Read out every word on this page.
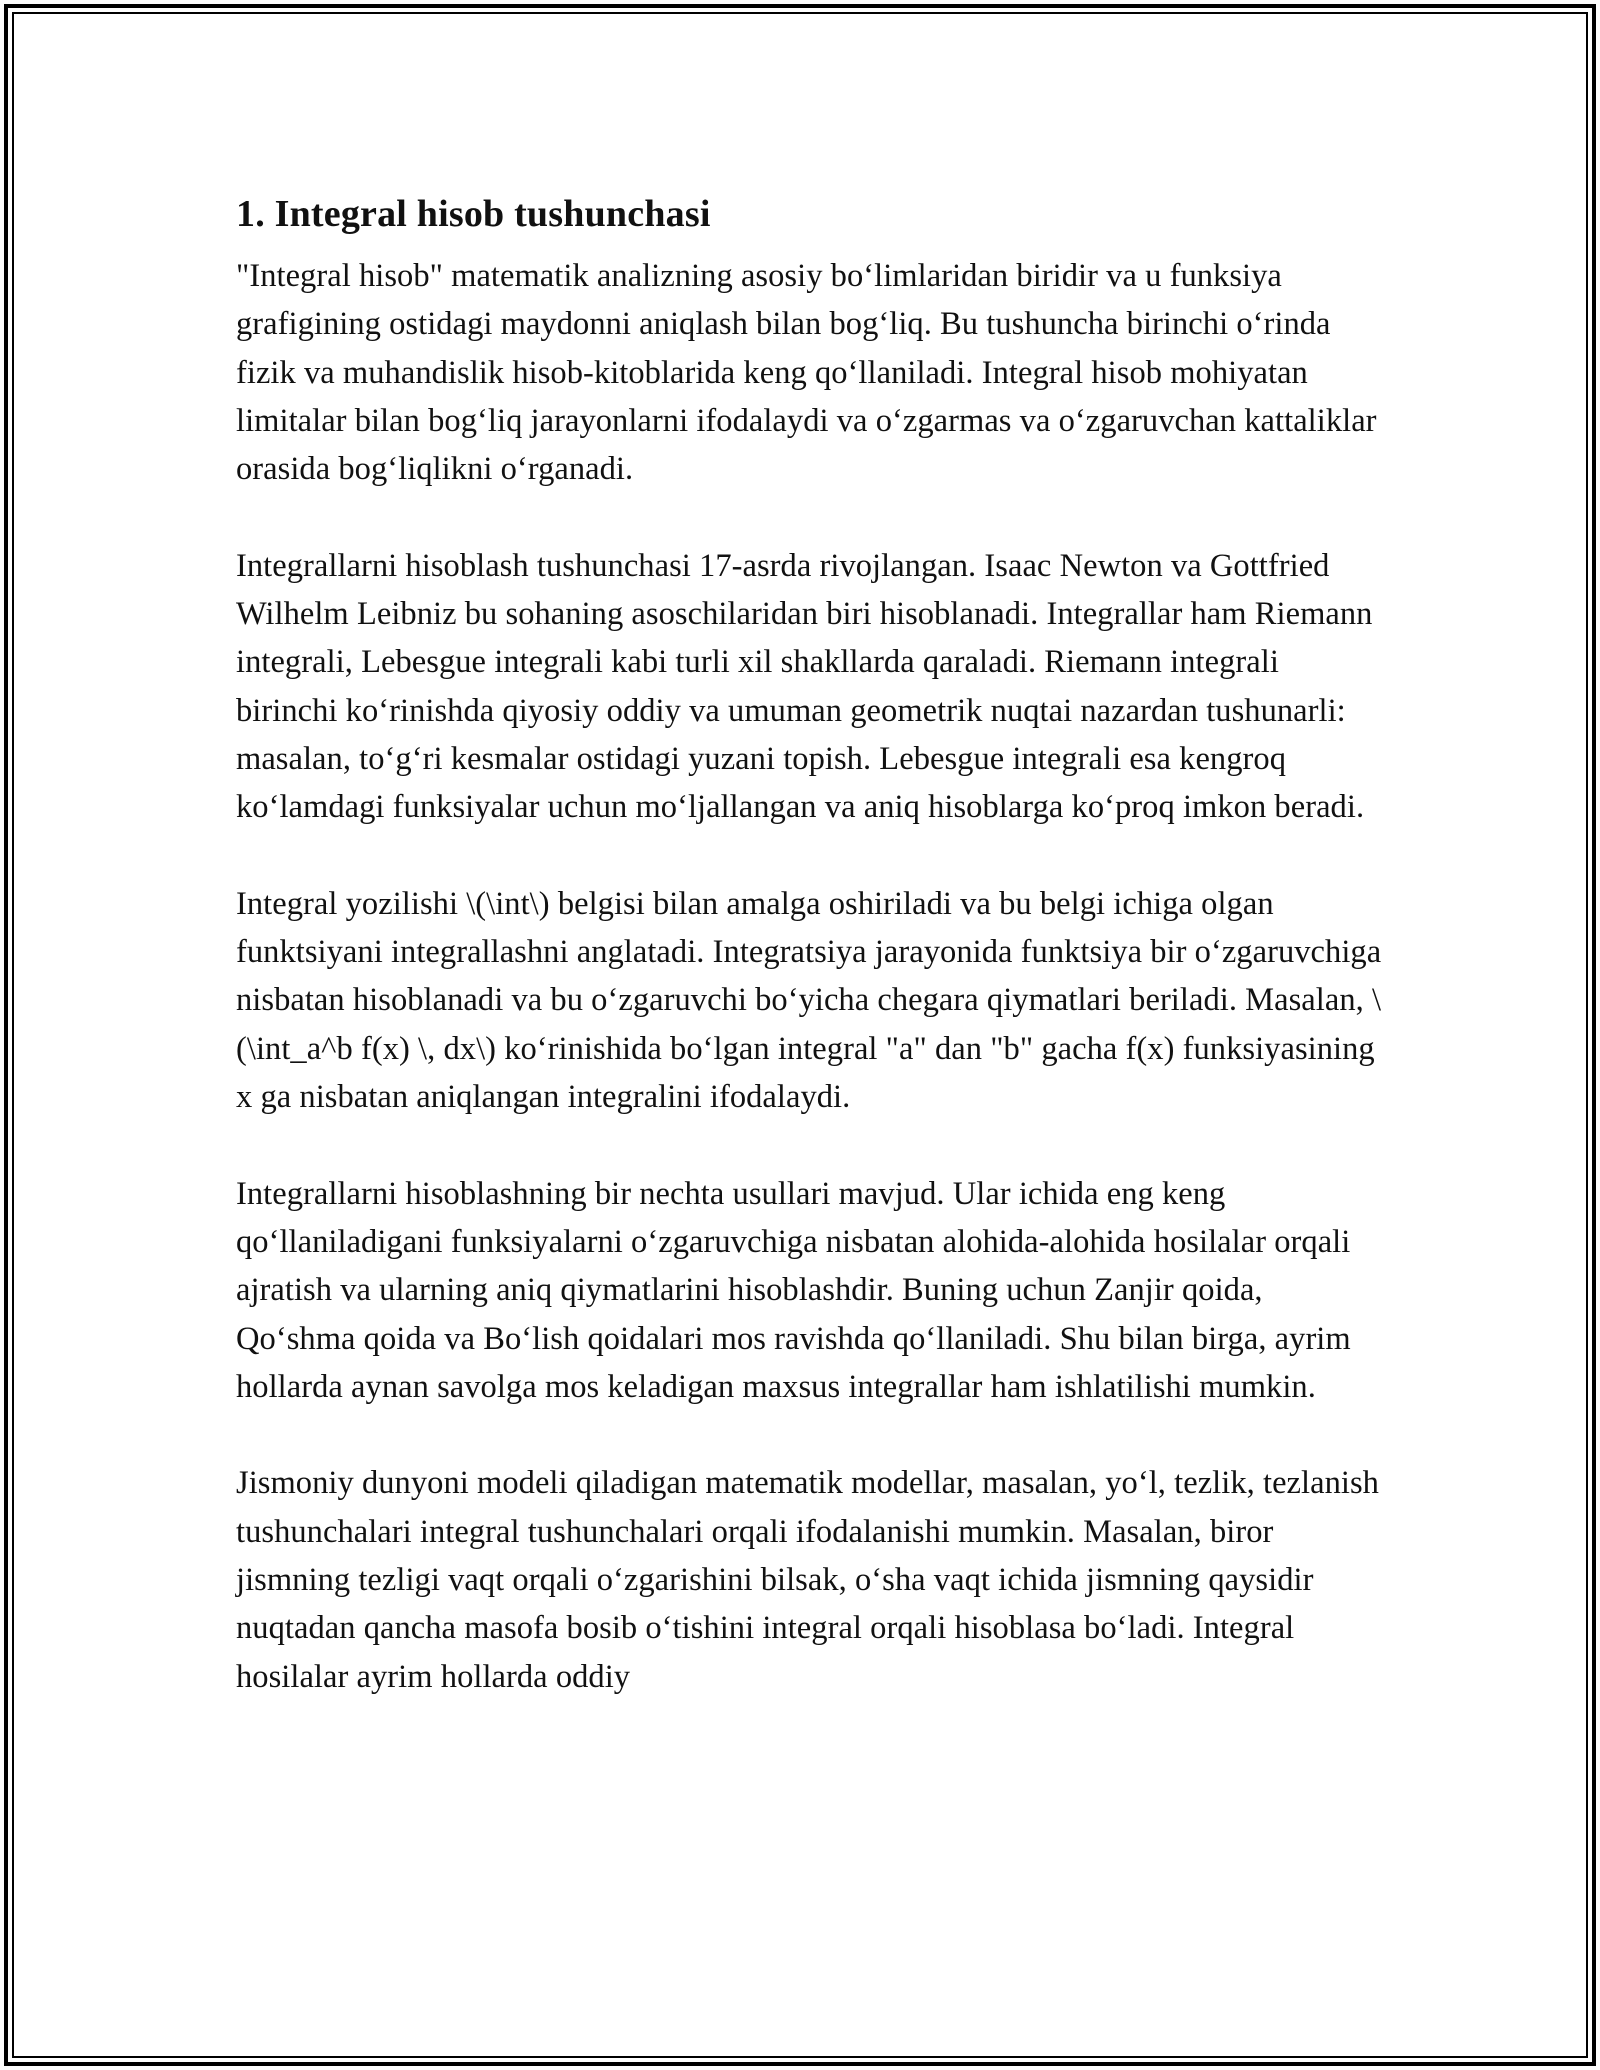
1. Integral hisob tushunchasi

"Integral hisob" matematik analizning asosiy bo‘limlaridan biridir va u funksiya grafigining ostidagi maydonni aniqlash bilan bog‘liq. Bu tushuncha birinchi o‘rinda fizik va muhandislik hisob-kitoblarida keng qo‘llaniladi. Integral hisob mohiyatan limitalar bilan bog‘liq jarayonlarni ifodalaydi va o‘zgarmas va o‘zgaruvchan kattaliklar orasida bog‘liqlikni o‘rganadi.

Integrallarni hisoblash tushunchasi 17-asrda rivojlangan. Isaac Newton va Gottfried Wilhelm Leibniz bu sohaning asoschilaridan biri hisoblanadi. Integrallar ham Riemann integrali, Lebesgue integrali kabi turli xil shakllarda qaraladi. Riemann integrali birinchi ko‘rinishda qiyosiy oddiy va umuman geometrik nuqtai nazardan tushunarli: masalan, to‘g‘ri kesmalar ostidagi yuzani topish. Lebesgue integrali esa kengroq ko‘lamdagi funksiyalar uchun mo‘ljallangan va aniq hisoblarga ko‘proq imkon beradi.

Integral yozilishi \(\int\) belgisi bilan amalga oshiriladi va bu belgi ichiga olgan funktsiyani integrallashni anglatadi. Integratsiya jarayonida funktsiya bir o‘zgaruvchiga nisbatan hisoblanadi va bu o‘zgaruvchi bo‘yicha chegara qiymatlari beriladi. Masalan, \(\int_a^b f(x) \, dx\) ko‘rinishida bo‘lgan integral "a" dan "b" gacha f(x) funksiyasining x ga nisbatan aniqlangan integralini ifodalaydi.

Integrallarni hisoblashning bir nechta usullari mavjud. Ular ichida eng keng qo‘llaniladigani funksiyalarni o‘zgaruvchiga nisbatan alohida-alohida hosilalar orqali ajratish va ularning aniq qiymatlarini hisoblashdir. Buning uchun Zanjir qoida, Qo‘shma qoida va Bo‘lish qoidalari mos ravishda qo‘llaniladi. Shu bilan birga, ayrim hollarda aynan savolga mos keladigan maxsus integrallar ham ishlatilishi mumkin.

Jismoniy dunyoni modeli qiladigan matematik modellar, masalan, yo‘l, tezlik, tezlanish tushunchalari integral tushunchalari orqali ifodalanishi mumkin. Masalan, biror jismning tezligi vaqt orqali o‘zgarishini bilsak, o‘sha vaqt ichida jismning qaysidir nuqtadan qancha masofa bosib o‘tishini integral orqali hisoblasa bo‘ladi. Integral hosilalar ayrim hollarda oddiy
